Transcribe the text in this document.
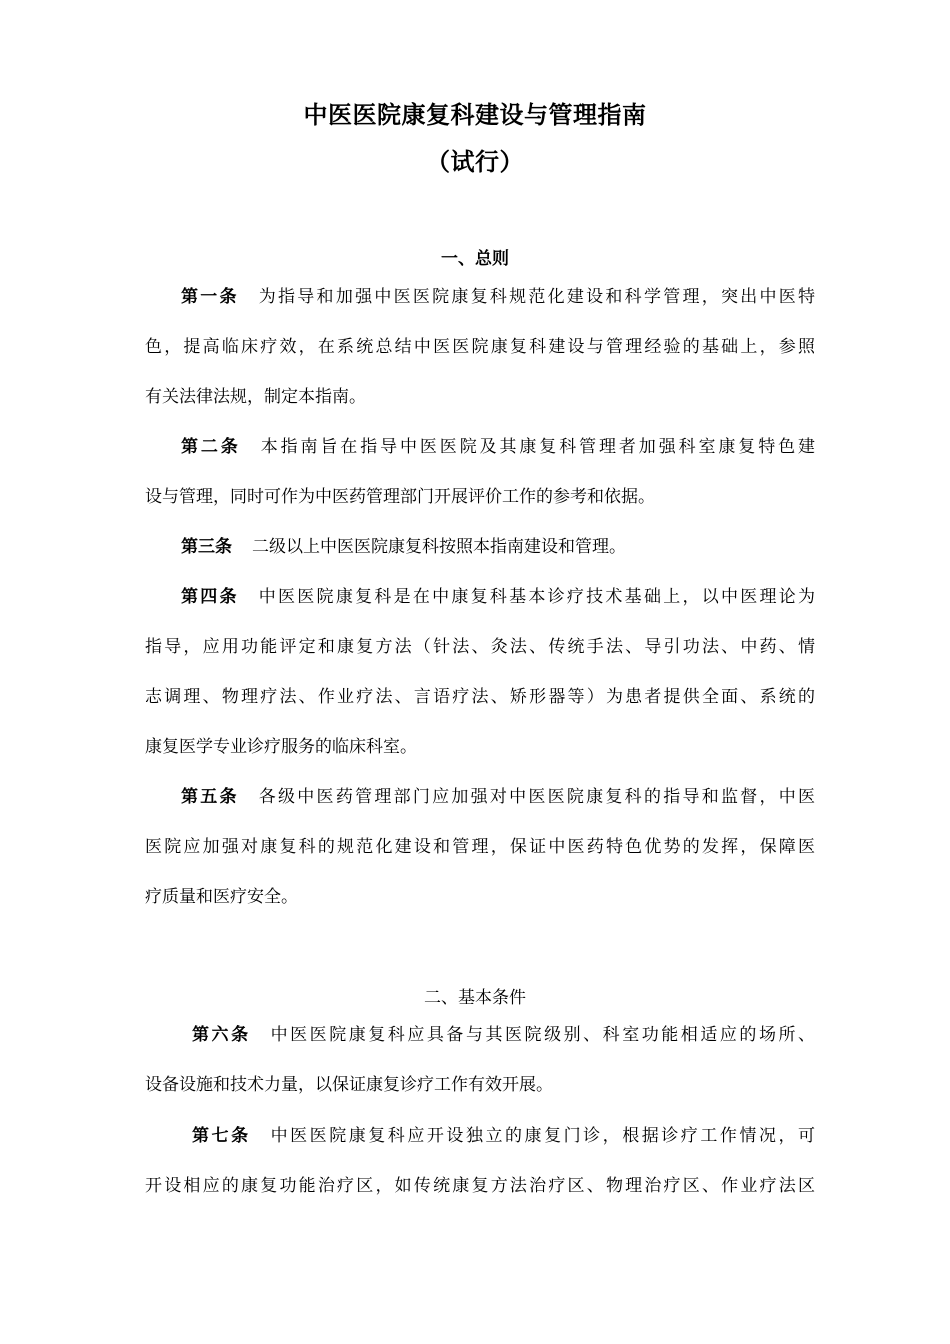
中医医院康复科建设与管理指南
（试行）
一、总则
第一条 为指导和加强中医医院康复科规范化建设和科学管理，突出中医特
色，提高临床疗效，在系统总结中医医院康复科建设与管理经验的基础上，参照
有关法律法规，制定本指南。
第二条 本指南旨在指导中医医院及其康复科管理者加强科室康复特色建
设与管理，同时可作为中医药管理部门开展评价工作的参考和依据。
第三条 二级以上中医医院康复科按照本指南建设和管理。
第四条 中医医院康复科是在中康复科基本诊疗技术基础上，以中医理论为
指导，应用功能评定和康复方法（针法、灸法、传统手法、导引功法、中药、情
志调理、物理疗法、作业疗法、言语疗法、矫形器等）为患者提供全面、系统的
康复医学专业诊疗服务的临床科室。
第五条 各级中医药管理部门应加强对中医医院康复科的指导和监督，中医
医院应加强对康复科的规范化建设和管理，保证中医药特色优势的发挥，保障医
疗质量和医疗安全。
二、基本条件
第六条 中医医院康复科应具备与其医院级别、科室功能相适应的场所、
设备设施和技术力量，以保证康复诊疗工作有效开展。
第七条 中医医院康复科应开设独立的康复门诊，根据诊疗工作情况，可
开设相应的康复功能治疗区，如传统康复方法治疗区、物理治疗区、作业疗法区
